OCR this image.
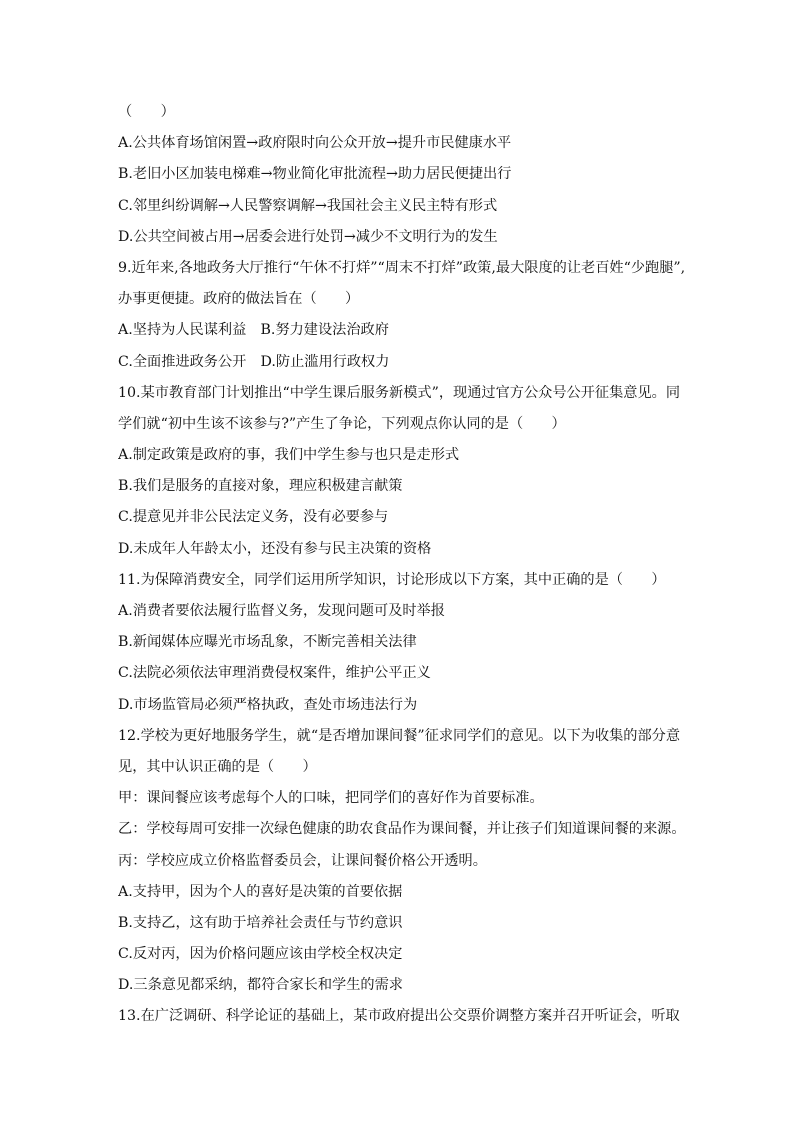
（　　）
A.公共体育场馆闲置→政府限时向公众开放→提升市民健康水平
B.老旧小区加装电梯难→物业简化审批流程→助力居民便捷出行
C.邻里纠纷调解→人民警察调解→我国社会主义民主特有形式
D.公共空间被占用→居委会进行处罚→减少不文明行为的发生
9.近年来,各地政务大厅推行“午休不打烊”“周末不打烊”政策,最大限度的让老百姓“少跑腿”,
办事更便捷。政府的做法旨在（　　）
A.坚持为人民谋利益　B.努力建设法治政府
C.全面推进政务公开　D.防止滥用行政权力
10.某市教育部门计划推出“中学生课后服务新模式”，现通过官方公众号公开征集意见。同
学们就“初中生该不该参与?”产生了争论，下列观点你认同的是（　　）
A.制定政策是政府的事，我们中学生参与也只是走形式
B.我们是服务的直接对象，理应积极建言献策
C.提意见并非公民法定义务，没有必要参与
D.未成年人年龄太小，还没有参与民主决策的资格
11.为保障消费安全，同学们运用所学知识，讨论形成以下方案，其中正确的是（　　）
A.消费者要依法履行监督义务，发现问题可及时举报
B.新闻媒体应曝光市场乱象，不断完善相关法律
C.法院必须依法审理消费侵权案件，维护公平正义
D.市场监管局必须严格执政，查处市场违法行为
12.学校为更好地服务学生，就“是否增加课间餐”征求同学们的意见。以下为收集的部分意
见，其中认识正确的是（　　）
甲：课间餐应该考虑每个人的口味，把同学们的喜好作为首要标准。
乙：学校每周可安排一次绿色健康的助农食品作为课间餐，并让孩子们知道课间餐的来源。
丙：学校应成立价格监督委员会，让课间餐价格公开透明。
A.支持甲，因为个人的喜好是决策的首要依据
B.支持乙，这有助于培养社会责任与节约意识
C.反对丙，因为价格问题应该由学校全权决定
D.三条意见都采纳，都符合家长和学生的需求
13.在广泛调研、科学论证的基础上，某市政府提出公交票价调整方案并召开听证会，听取
